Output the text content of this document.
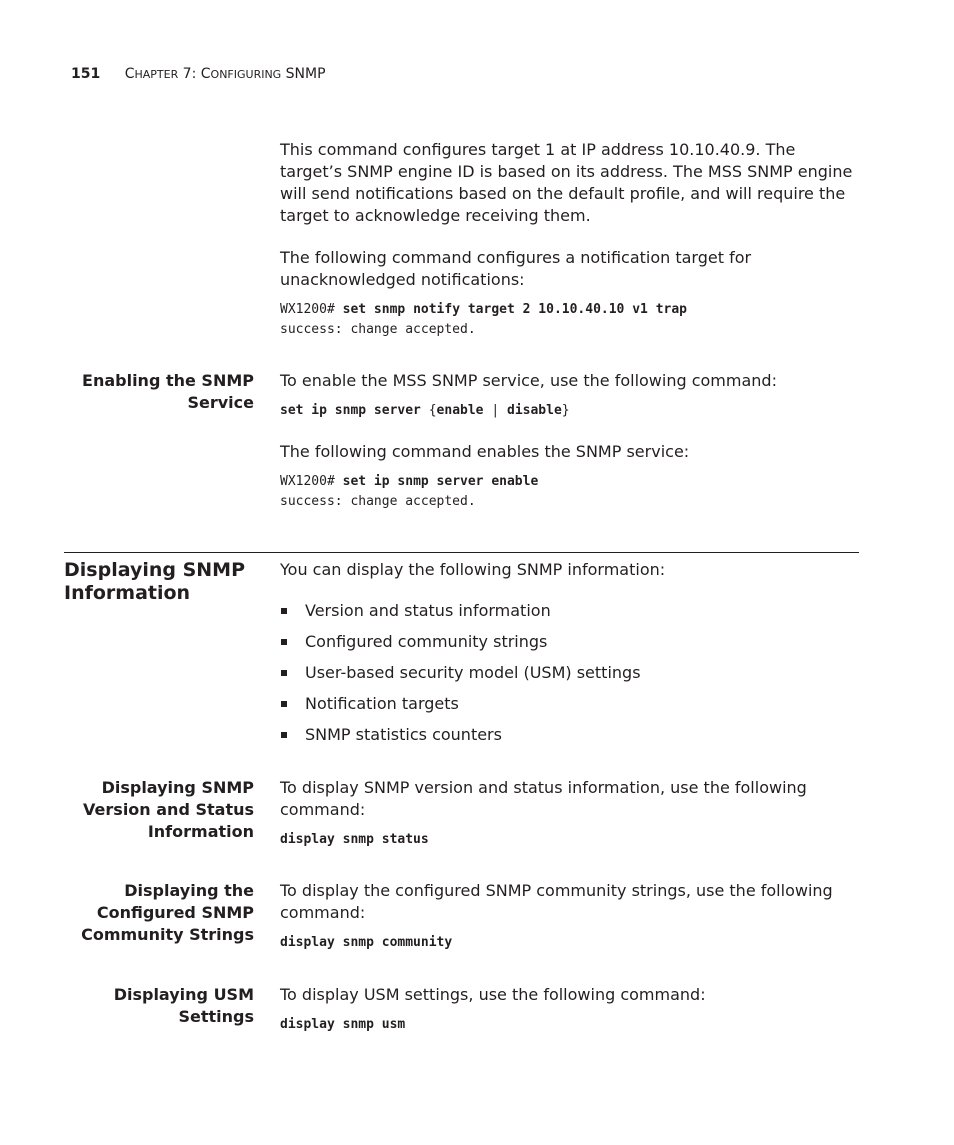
151 CHAPTER 7: CONFIGURING SNMP

This command configures target 1 at IP address 10.10.40.9. The target’s SNMP engine ID is based on its address. The MSS SNMP engine will send notifications based on the default profile, and will require the target to acknowledge receiving them.

The following command configures a notification target for unacknowledged notifications:

WX1200# set snmp notify target 2 10.10.40.10 v1 trap
success: change accepted.
Enabling the SNMP
Service

To enable the MSS SNMP service, use the following command:

set ip snmp server {enable | disable}

The following command enables the SNMP service:

WX1200# set ip snmp server enable
success: change accepted.
Displaying SNMP
Information

You can display the following SNMP information:

Version and status information
Configured community strings
User-based security model (USM) settings
Notification targets
SNMP statistics counters
Displaying SNMP
Version and Status
Information

To display SNMP version and status information, use the following command:

display snmp status
Displaying the
Configured SNMP
Community Strings

To display the configured SNMP community strings, use the following command:

display snmp community
Displaying USM
Settings

To display USM settings, use the following command:

display snmp usm
